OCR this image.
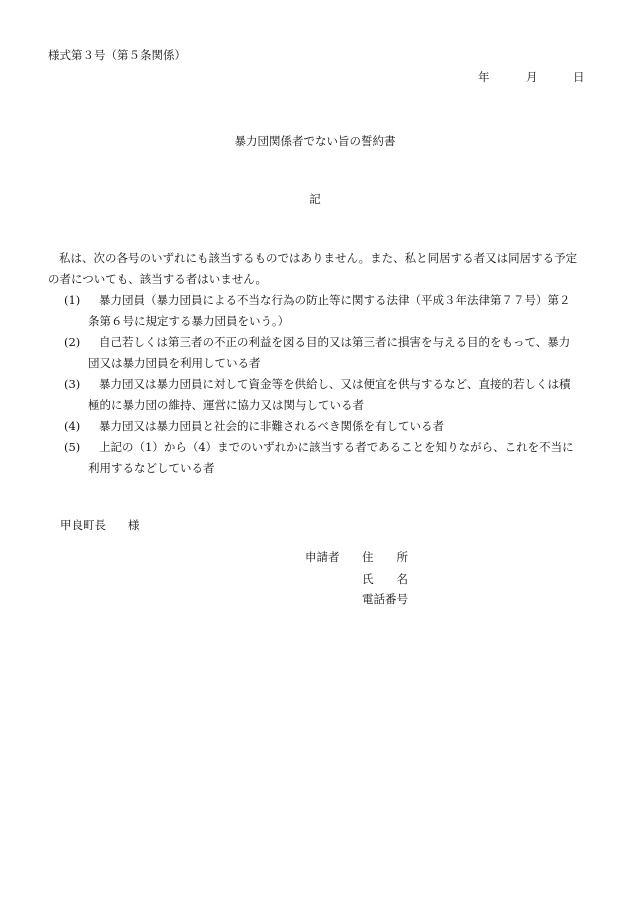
様式第３号（第５条関係）
年	月	日
暴力団関係者でない旨の誓約書
記

私は、次の各号のいずれにも該当するものではありません。また、私と同居する者又は同居する予定

の者についても、該当する者はいません。

(1)	暴力団員（暴力団員による不当な行為の防止等に関する法律（平成３年法律第７７号）第２
条第６号に規定する暴力団員をいう。）
(2)	自己若しくは第三者の不正の利益を図る目的又は第三者に損害を与える目的をもって、暴力
団又は暴力団員を利用している者
(3)	暴力団又は暴力団員に対して資金等を供給し、又は便宜を供与するなど、直接的若しくは積
極的に暴力団の維持、運営に協力又は関与している者
(4)	暴力団又は暴力団員と社会的に非難されるべき関係を有している者
(5)	上記の（1）から（4）までのいずれかに該当する者であることを知りながら、これを不当に
利用するなどしている者
甲良町長 様
申請者 住　　所
氏　　名
電話番号
